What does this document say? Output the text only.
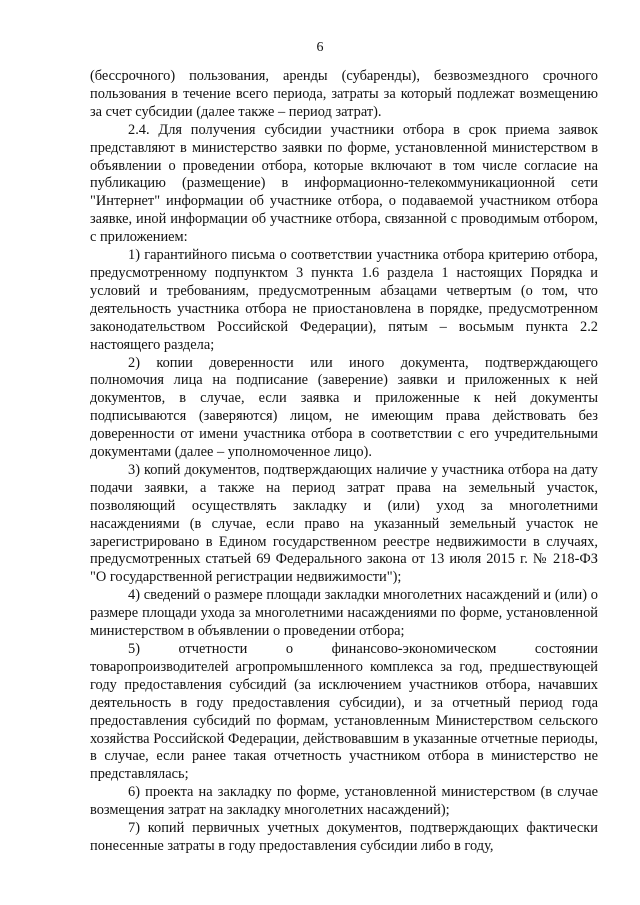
6

(бессрочного) пользования, аренды (субаренды), безвозмездного срочного пользования в течение всего периода, затраты за который подлежат возмещению за счет субсидии (далее также – период затрат).

2.4. Для получения субсидии участники отбора в срок приема заявок представляют в министерство заявки по форме, установленной министерством в объявлении о проведении отбора, которые включают в том числе согласие на публикацию (размещение) в информационно-телекоммуникационной сети "Интернет" информации об участнике отбора, о подаваемой участником отбора заявке, иной информации об участнике отбора, связанной с проводимым отбором, с приложением:

1) гарантийного письма о соответствии участника отбора критерию отбора, предусмотренному подпунктом 3 пункта 1.6 раздела 1 настоящих Порядка и условий и требованиям, предусмотренным абзацами четвертым (о том, что деятельность участника отбора не приостановлена в порядке, предусмотренном законодательством Российской Федерации), пятым – восьмым пункта 2.2 настоящего раздела;

2) копии доверенности или иного документа, подтверждающего полномочия лица на подписание (заверение) заявки и приложенных к ней документов, в случае, если заявка и приложенные к ней документы подписываются (заверяются) лицом, не имеющим права действовать без доверенности от имени участника отбора в соответствии с его учредительными документами (далее – уполномоченное лицо).

3) копий документов, подтверждающих наличие у участника отбора на дату подачи заявки, а также на период затрат права на земельный участок, позволяющий осуществлять закладку и (или) уход за многолетними насаждениями (в случае, если право на указанный земельный участок не зарегистрировано в Едином государственном реестре недвижимости в случаях, предусмотренных статьей 69 Федерального закона от 13 июля 2015 г. № 218-ФЗ "О государственной регистрации недвижимости");

4) сведений о размере площади закладки многолетних насаждений и (или) о размере площади ухода за многолетними насаждениями по форме, установленной министерством в объявлении о проведении отбора;

5) отчетности о финансово-экономическом состоянии товаропроизводителей агропромышленного комплекса за год, предшествующей году предоставления субсидий (за исключением участников отбора, начавших деятельность в году предоставления субсидии), и за отчетный период года предоставления субсидий по формам, установленным Министерством сельского хозяйства Российской Федерации, действовавшим в указанные отчетные периоды, в случае, если ранее такая отчетность участником отбора в министерство не представлялась;

6) проекта на закладку по форме, установленной министерством (в случае возмещения затрат на закладку многолетних насаждений);

7) копий первичных учетных документов, подтверждающих фактически понесенные затраты в году предоставления субсидии либо в году,
